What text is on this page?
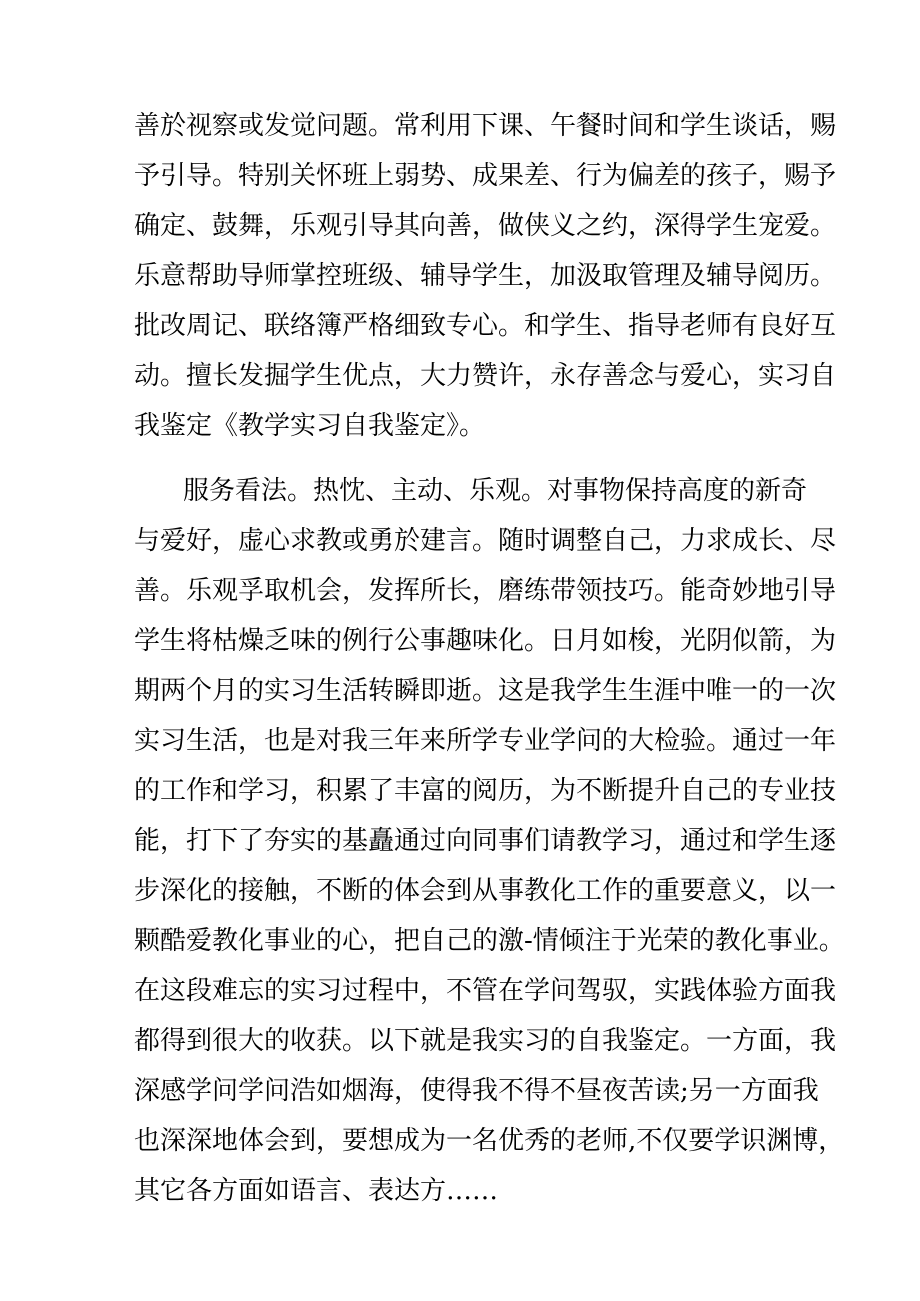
善於视察或发觉问题。常利用下课、午餐时间和学生谈话，赐
予引导。特别关怀班上弱势、成果差、行为偏差的孩子，赐予
确定、鼓舞，乐观引导其向善，做侠义之约，深得学生宠爱。
乐意帮助导师掌控班级、辅导学生，加汲取管理及辅导阅历。
批改周记、联络簿严格细致专心。和学生、指导老师有良好互
动。擅长发掘学生优点，大力赞许，永存善念与爱心，实习自
我鉴定《教学实习自我鉴定》。
服务看法。热忱、主动、乐观。对事物保持高度的新奇
与爱好，虚心求教或勇於建言。随时调整自己，力求成长、尽
善。乐观孚取机会，发挥所长，磨练带领技巧。能奇妙地引导
学生将枯燥乏味的例行公事趣味化。日月如梭，光阴似箭，为
期两个月的实习生活转瞬即逝。这是我学生生涯中唯一的一次
实习生活，也是对我三年来所学专业学问的大检验。通过一年
的工作和学习，积累了丰富的阅历，为不断提升自己的专业技
能，打下了夯实的基矗通过向同事们请教学习，通过和学生逐
步深化的接触，不断的体会到从事教化工作的重要意义，以一
颗酷爱教化事业的心，把自己的激-情倾注于光荣的教化事业。
在这段难忘的实习过程中，不管在学问驾驭，实践体验方面我
都得到很大的收获。以下就是我实习的自我鉴定。一方面，我
深感学问学问浩如烟海，使得我不得不昼夜苦读;另一方面我
也深深地体会到，要想成为一名优秀的老师,不仅要学识渊博，
其它各方面如语言、表达方……
